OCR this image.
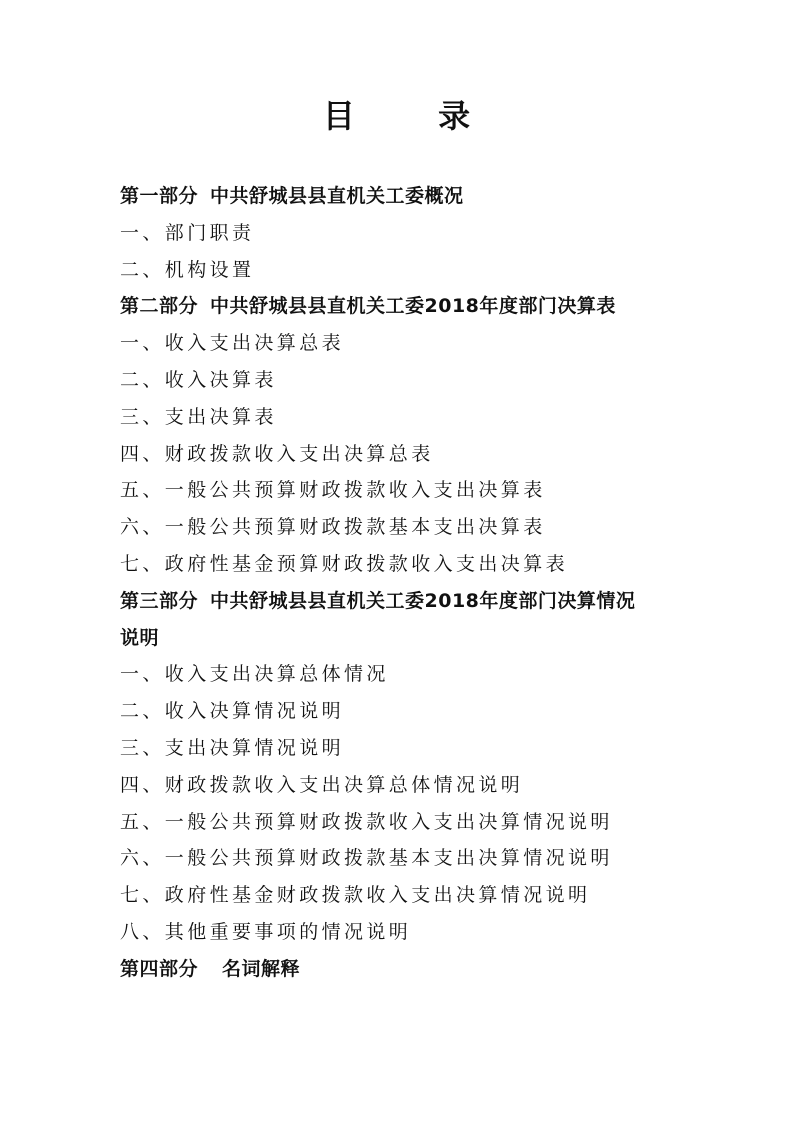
目 录
第一部分 中共舒城县县直机关工委概况
一、部门职责
二、机构设置
第二部分 中共舒城县县直机关工委2018年度部门决算表
一、收入支出决算总表
二、收入决算表
三、支出决算表
四、财政拨款收入支出决算总表
五、一般公共预算财政拨款收入支出决算表
六、一般公共预算财政拨款基本支出决算表
七、政府性基金预算财政拨款收入支出决算表
第三部分 中共舒城县县直机关工委2018年度部门决算情况
说明
一、收入支出决算总体情况
二、收入决算情况说明
三、支出决算情况说明
四、财政拨款收入支出决算总体情况说明
五、一般公共预算财政拨款收入支出决算情况说明
六、一般公共预算财政拨款基本支出决算情况说明
七、政府性基金财政拨款收入支出决算情况说明
八、其他重要事项的情况说明
第四部分 名词解释
